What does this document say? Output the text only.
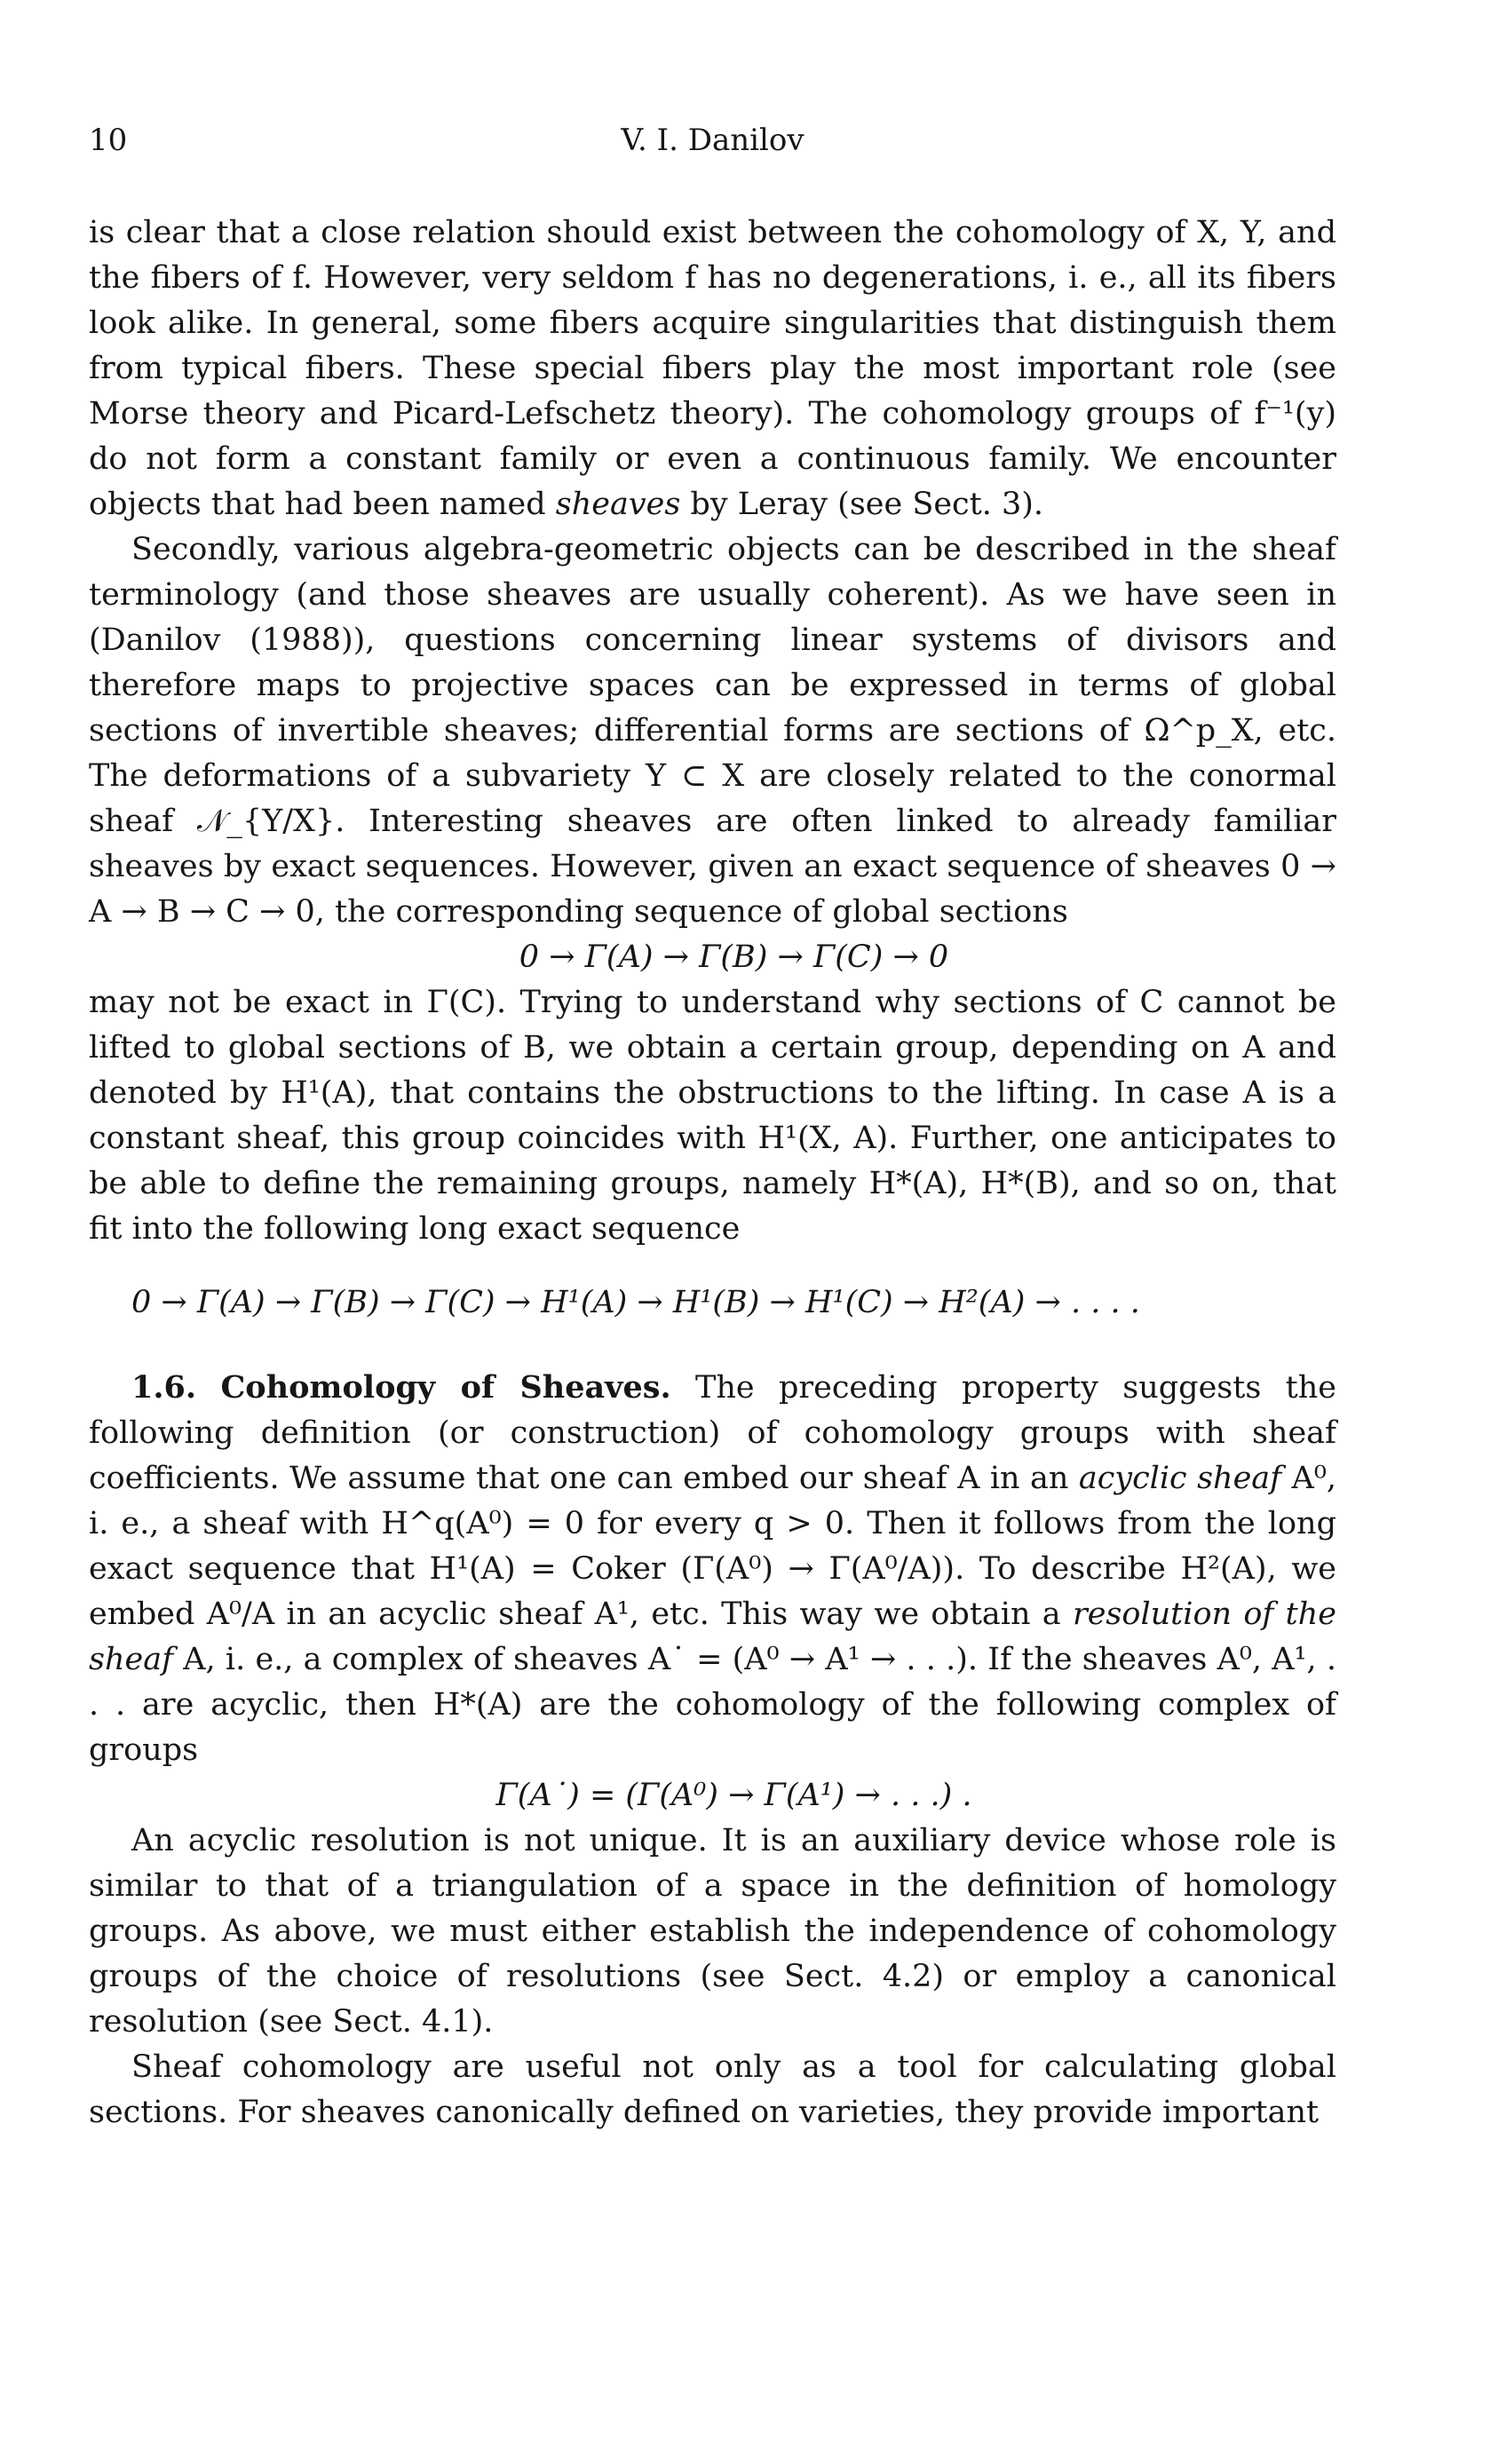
10	V. I. Danilov

is clear that a close relation should exist between the cohomology of X, Y, and the fibers of f. However, very seldom f has no degenerations, i. e., all its fibers look alike. In general, some fibers acquire singularities that distinguish them from typical fibers. These special fibers play the most important role (see Morse theory and Picard-Lefschetz theory). The cohomology groups of f⁻¹(y) do not form a constant family or even a continuous family. We encounter objects that had been named sheaves by Leray (see Sect. 3).

Secondly, various algebra-geometric objects can be described in the sheaf terminology (and those sheaves are usually coherent). As we have seen in (Danilov (1988)), questions concerning linear systems of divisors and therefore maps to projective spaces can be expressed in terms of global sections of invertible sheaves; differential forms are sections of Ω^p_X, etc. The deformations of a subvariety Y ⊂ X are closely related to the conormal sheaf 𝒩_{Y/X}. Interesting sheaves are often linked to already familiar sheaves by exact sequences. However, given an exact sequence of sheaves 0 → A → B → C → 0, the corresponding sequence of global sections

0 → Γ(A) → Γ(B) → Γ(C) → 0

may not be exact in Γ(C). Trying to understand why sections of C cannot be lifted to global sections of B, we obtain a certain group, depending on A and denoted by H¹(A), that contains the obstructions to the lifting. In case A is a constant sheaf, this group coincides with H¹(X, A). Further, one anticipates to be able to define the remaining groups, namely H*(A), H*(B), and so on, that fit into the following long exact sequence

0 → Γ(A) → Γ(B) → Γ(C) → H¹(A) → H¹(B) → H¹(C) → H²(A) → . . . .

1.6. Cohomology of Sheaves. The preceding property suggests the following definition (or construction) of cohomology groups with sheaf coefficients. We assume that one can embed our sheaf A in an acyclic sheaf A⁰, i. e., a sheaf with H^q(A⁰) = 0 for every q > 0. Then it follows from the long exact sequence that H¹(A) = Coker (Γ(A⁰) → Γ(A⁰/A)). To describe H²(A), we embed A⁰/A in an acyclic sheaf A¹, etc. This way we obtain a resolution of the sheaf A, i. e., a complex of sheaves A˙ = (A⁰ → A¹ → . . .). If the sheaves A⁰, A¹, . . . are acyclic, then H*(A) are the cohomology of the following complex of groups

Γ(A˙) = (Γ(A⁰) → Γ(A¹) → . . .) .

An acyclic resolution is not unique. It is an auxiliary device whose role is similar to that of a triangulation of a space in the definition of homology groups. As above, we must either establish the independence of cohomology groups of the choice of resolutions (see Sect. 4.2) or employ a canonical resolution (see Sect. 4.1).

Sheaf cohomology are useful not only as a tool for calculating global sections. For sheaves canonically defined on varieties, they provide important
